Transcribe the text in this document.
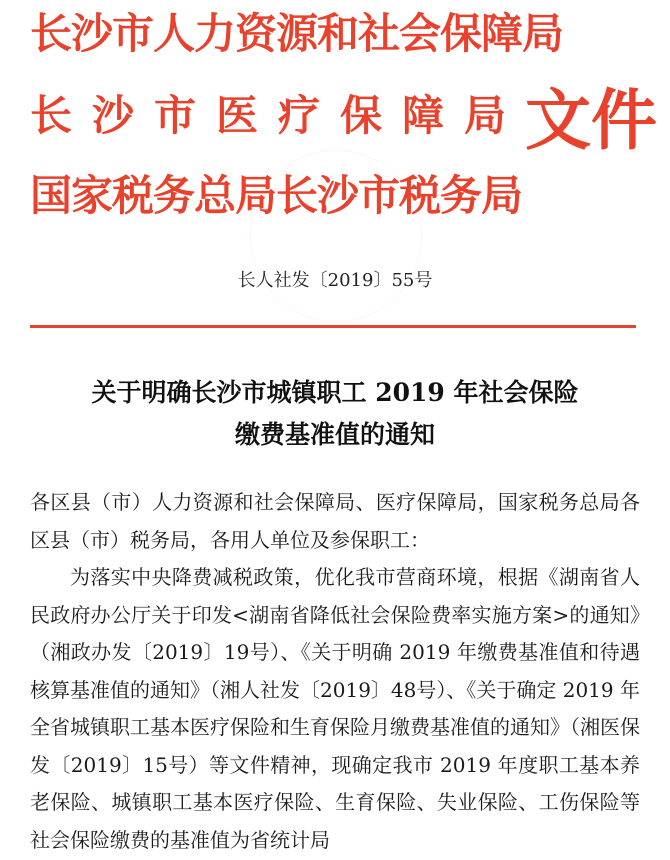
长沙市人力资源和社会保障局
长沙市医疗保障局
国家税务总局长沙市税务局
文件
长人社发〔2019〕55号
关于明确长沙市城镇职工 2019 年社会保险
缴费基准值的通知

各区县（市）人力资源和社会保障局、医疗保障局，国家税务总局各区县（市）税务局，各用人单位及参保职工：

为落实中央降费减税政策，优化我市营商环境，根据《湖南省人民政府办公厅关于印发<湖南省降低社会保险费率实施方案>的通知》（湘政办发〔2019〕19号）、《关于明确 2019 年缴费基准值和待遇核算基准值的通知》（湘人社发〔2019〕48号）、《关于确定 2019 年全省城镇职工基本医疗保险和生育保险月缴费基准值的通知》（湘医保发〔2019〕15号）等文件精神，现确定我市 2019 年度职工基本养老保险、城镇职工基本医疗保险、生育保险、失业保险、工伤保险等社会保险缴费的基准值为省统计局
